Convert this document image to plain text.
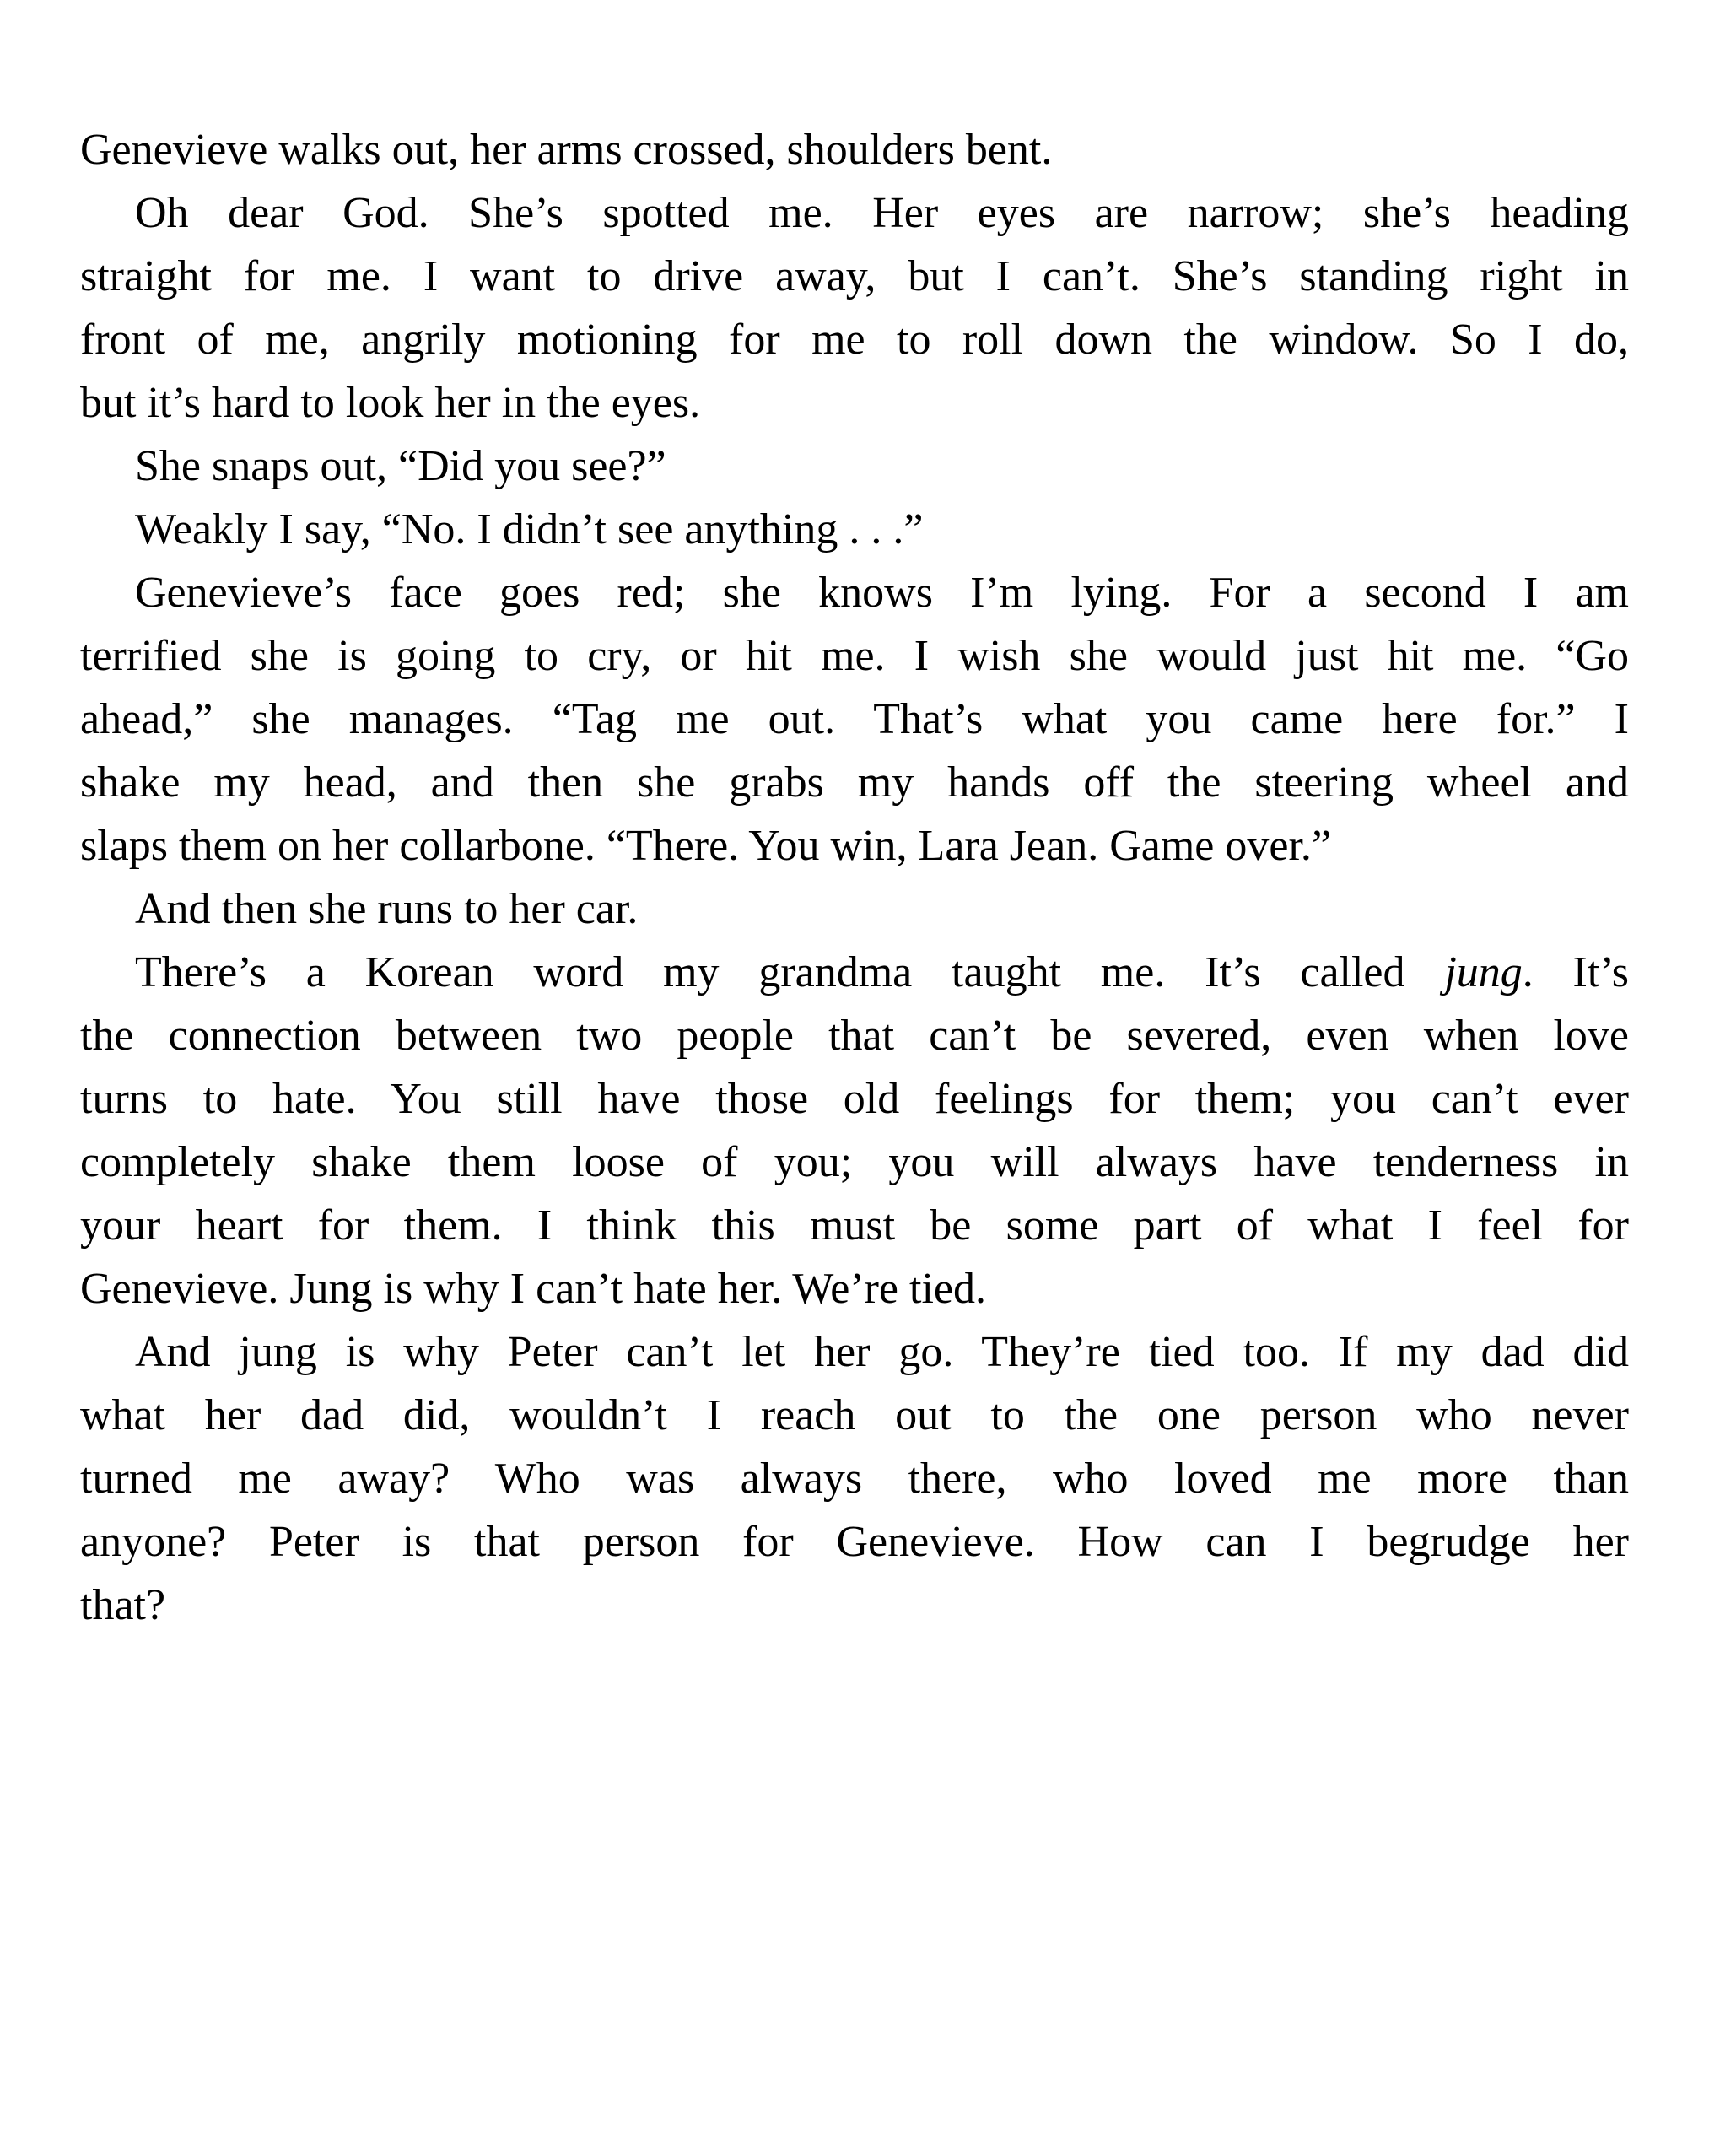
Genevieve walks out, her arms crossed, shoulders bent.
Oh dear God. She’s spotted me. Her eyes are narrow; she’s heading
straight for me. I want to drive away, but I can’t. She’s standing right in
front of me, angrily motioning for me to roll down the window. So I do,
but it’s hard to look her in the eyes.
She snaps out, “Did you see?”
Weakly I say, “No. I didn’t see anything . . .”
Genevieve’s face goes red; she knows I’m lying. For a second I am
terrified she is going to cry, or hit me. I wish she would just hit me. “Go
ahead,” she manages. “Tag me out. That’s what you came here for.” I
shake my head, and then she grabs my hands off the steering wheel and
slaps them on her collarbone. “There. You win, Lara Jean. Game over.”
And then she runs to her car.
There’s a Korean word my grandma taught me. It’s called jung. It’s
the connection between two people that can’t be severed, even when love
turns to hate. You still have those old feelings for them; you can’t ever
completely shake them loose of you; you will always have tenderness in
your heart for them. I think this must be some part of what I feel for
Genevieve. Jung is why I can’t hate her. We’re tied.
And jung is why Peter can’t let her go. They’re tied too. If my dad did
what her dad did, wouldn’t I reach out to the one person who never
turned me away? Who was always there, who loved me more than
anyone? Peter is that person for Genevieve. How can I begrudge her
that?
